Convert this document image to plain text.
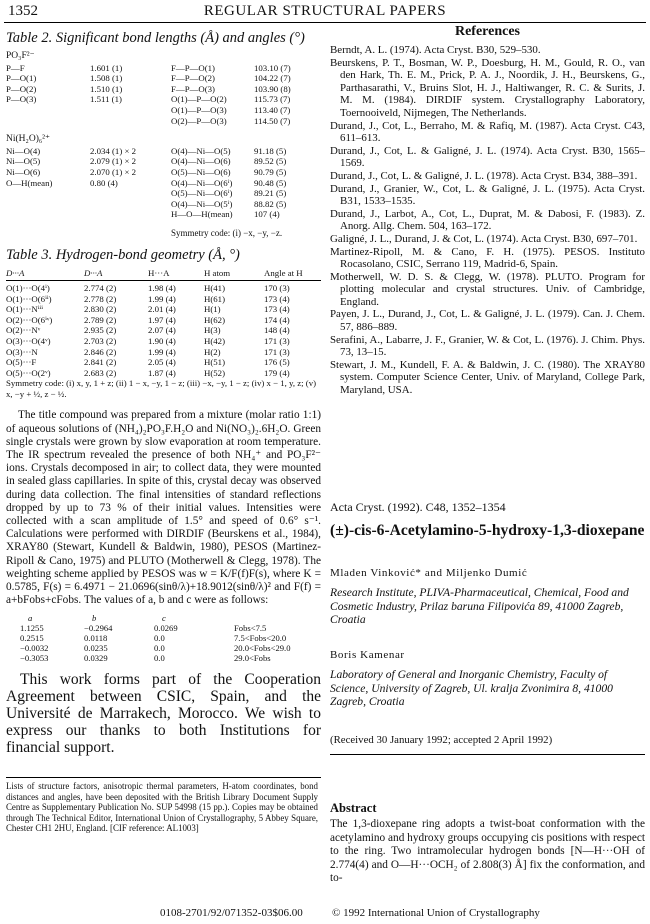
1352	REGULAR STRUCTURAL PAPERS
Table 2. Significant bond lengths (Å) and angles (°)
PO₃F²⁻
P—F	1.601 (1)	F—P—O(1)	103.10 (7)
P—O(1)	1.508 (1)	F—P—O(2)	104.22 (7)
P—O(2)	1.510 (1)	F—P—O(3)	103.90 (8)
P—O(3)	1.511 (1)	O(1)—P—O(2)	115.73 (7)
O(1)—P—O(3)	113.40 (7)
O(2)—P—O(3)	114.50 (7)
Ni(H₂O)₆²⁺
Ni—O(4)	2.034 (1) × 2	O(4)—Ni—O(5)	91.18 (5)
Ni—O(5)	2.079 (1) × 2	O(4)—Ni—O(6)	89.52 (5)
Ni—O(6)	2.070 (1) × 2	O(5)—Ni—O(6)	90.79 (5)
O—H(mean)	0.80 (4)	O(4)—Ni—O(6ⁱ) 90.48 (5)
O(5)—Ni—O(6ⁱ) 89.21 (5)
O(4)—Ni—O(5ⁱ) 88.82 (5)
H—O—H(mean) 107 (4)
Symmetry code: (i) −x, −y, −z.
Table 3. Hydrogen-bond geometry (Å, °)
D···A	D···A	H···A	H atom	Angle at H
O(1)···O(4ⁱ)	2.774 (2)	1.98 (4)	H(41)	170 (3)
O(1)···O(6ⁱⁱ)	2.778 (2)	1.99 (4)	H(61)	173 (4)
O(1)···Nⁱⁱⁱ	2.830 (2)	2.01 (4)	H(1)	173 (4)
O(2)···O(6ⁱᵛ)	2.789 (2)	1.97 (4)	H(62)	174 (4)
O(2)···Nᵛ	2.935 (2)	2.07 (4)	H(3)	148 (4)
O(3)···O(4ᵛ)	2.703 (2)	1.90 (4)	H(42)	171 (3)
O(3)···N	2.846 (2)	1.99 (4)	H(2)	171 (3)
O(5)···F	2.841 (2)	2.05 (4)	H(51)	176 (5)
O(5)···O(2ᵛ)	2.683 (2)	1.87 (4)	H(52)	179 (4)
Symmetry code: (i) x, y, 1 + z; (ii) 1 − x, −y, 1 − z; (iii) −x, −y, 1 − z; (iv) x − 1, y, z; (v) x, −y + ½, z − ½.
The title compound was prepared from a mixture (molar ratio 1:1) of aqueous solutions of (NH₄)₂PO₃F.H₂O and Ni(NO₃)₂.6H₂O. Green single crystals were grown by slow evaporation at room temperature. The IR spectrum revealed the presence of both NH₄⁺ and PO₃F²⁻ ions. Crystals decomposed in air; to collect data, they were mounted in sealed glass capillaries. In spite of this, crystal decay was observed during data collection. The final intensities of standard reflections dropped by up to 73 % of their initial values. Intensities were collected with a scan amplitude of 1.5° and speed of 0.6° s⁻¹. Calculations were performed with DIRDIF (Beurskens et al., 1984), XRAY80 (Stewart, Kundell & Baldwin, 1980), PESOS (Martinez-Ripoll & Cano, 1975) and PLUTO (Motherwell & Clegg, 1978). The weighting scheme applied by PESOS was w = K/F(f)F(s), where K = 0.5785, F(s) = 6.4971 − 21.0696(sinθ/λ)+18.9012(sinθ/λ)² and F(f) = a+bFobs+cFobs. The values of a, b and c were as follows:
a	b	c
1.1255	−0.2964	0.0269	Fobs<7.5
0.2515	0.0118	0.0	7.5<Fobs<20.0
−0.0032	0.0235	0.0	20.0<Fobs<29.0
−0.3053	0.0329	0.0	29.0<Fobs
This work forms part of the Cooperation Agreement between CSIC, Spain, and the Université de Marrakech, Morocco. We wish to express our thanks to both Institutions for financial support.
Lists of structure factors, anisotropic thermal parameters, H-atom coordinates, bond distances and angles, have been deposited with the British Library Document Supply Centre as Supplementary Publication No. SUP 54998 (15 pp.). Copies may be obtained through The Technical Editor, International Union of Crystallography, 5 Abbey Square, Chester CH1 2HU, England. [CIF reference: AL1003]
References
Berndt, A. L. (1974). Acta Cryst. B30, 529–530.
Beurskens, P. T., Bosman, W. P., Doesburg, H. M., Gould, R. O., van den Hark, Th. E. M., Prick, P. A. J., Noordik, J. H., Beurskens, G., Parthasarathi, V., Bruins Slot, H. J., Haltiwanger, R. C. & Surits, J. M. M. (1984). DIRDIF system. Crystallography Laboratory, Toernooiveld, Nijmegen, The Netherlands.
Durand, J., Cot, L., Berraho, M. & Rafiq, M. (1987). Acta Cryst. C43, 611–613.
Durand, J., Cot, L. & Galigné, J. L. (1974). Acta Cryst. B30, 1565–1569.
Durand, J., Cot, L. & Galigné, J. L. (1978). Acta Cryst. B34, 388–391.
Durand, J., Granier, W., Cot, L. & Galigné, J. L. (1975). Acta Cryst. B31, 1533–1535.
Durand, J., Larbot, A., Cot, L., Duprat, M. & Dabosi, F. (1983). Z. Anorg. Allg. Chem. 504, 163–172.
Galigné, J. L., Durand, J. & Cot, L. (1974). Acta Cryst. B30, 697–701.
Martinez-Ripoll, M. & Cano, F. H. (1975). PESOS. Instituto Rocasolano, CSIC, Serrano 119, Madrid-6, Spain.
Motherwell, W. D. S. & Clegg, W. (1978). PLUTO. Program for plotting molecular and crystal structures. Univ. of Cambridge, England.
Payen, J. L., Durand, J., Cot, L. & Galigné, J. L. (1979). Can. J. Chem. 57, 886–889.
Serafini, A., Labarre, J. F., Granier, W. & Cot, L. (1976). J. Chim. Phys. 73, 13–15.
Stewart, J. M., Kundell, F. A. & Baldwin, J. C. (1980). The XRAY80 system. Computer Science Center, Univ. of Maryland, College Park, Maryland, USA.
Acta Cryst. (1992). C48, 1352–1354
(±)-cis-6-Acetylamino-5-hydroxy-1,3-dioxepane
Mladen Vinković* and Miljenko Dumić
Research Institute, PLIVA-Pharmaceutical, Chemical, Food and Cosmetic Industry, Prilaz baruna Filipovića 89, 41000 Zagreb, Croatia
Boris Kamenar
Laboratory of General and Inorganic Chemistry, Faculty of Science, University of Zagreb, Ul. kralja Zvonimira 8, 41000 Zagreb, Croatia
(Received 30 January 1992; accepted 2 April 1992)
Abstract
The 1,3-dioxepane ring adopts a twist-boat conformation with the acetylamino and hydroxy groups occupying cis positions with respect to the ring. Two intramolecular hydrogen bonds [N—H···OH of 2.774(4) and O—H···OCH₂ of 2.808(3) Å] fix the conformation, and to-
0108-2701/92/071352-03$06.00	© 1992 International Union of Crystallography
